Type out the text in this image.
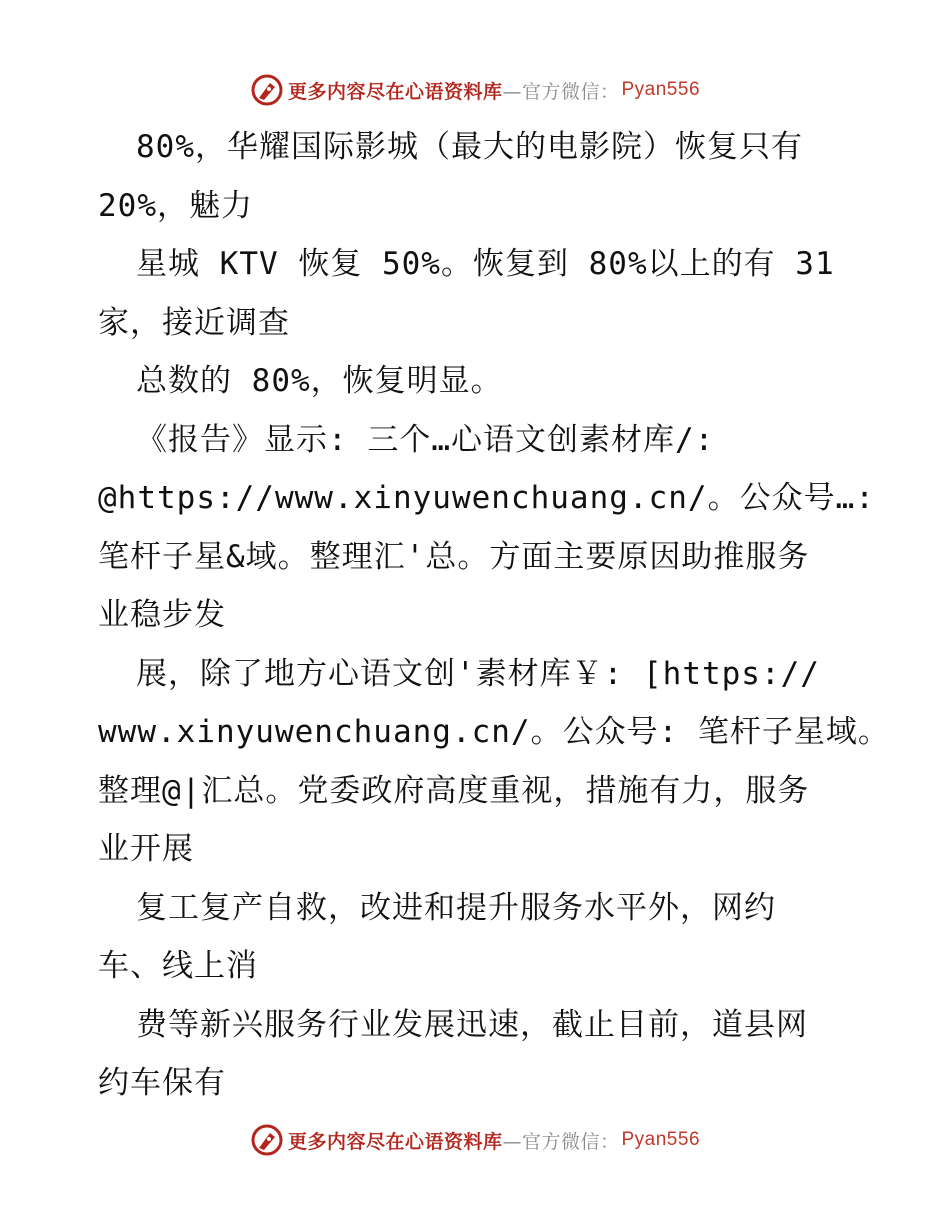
更多内容尽在心语资料库 —官方微信： Pyan556
80%，华耀国际影城（最大的电影院）恢复只有
20%，魅力
星城 KTV 恢复 50%。恢复到 80%以上的有 31
家，接近调查
总数的 80%，恢复明显。
《报告》显示: 三个…心语文创素材库/:
@https://www.xinyuwenchuang.cn/。公众号…:
笔杆子星&域。整理汇'总。方面主要原因助推服务
业稳步发
展，除了地方心语文创'素材库￥: [https://
www.xinyuwenchuang.cn/。公众号: 笔杆子星域。
整理@|汇总。党委政府高度重视，措施有力，服务
业开展
复工复产自救，改进和提升服务水平外，网约
车、线上消
费等新兴服务行业发展迅速，截止目前，道县网
约车保有
更多内容尽在心语资料库 —官方微信： Pyan556
